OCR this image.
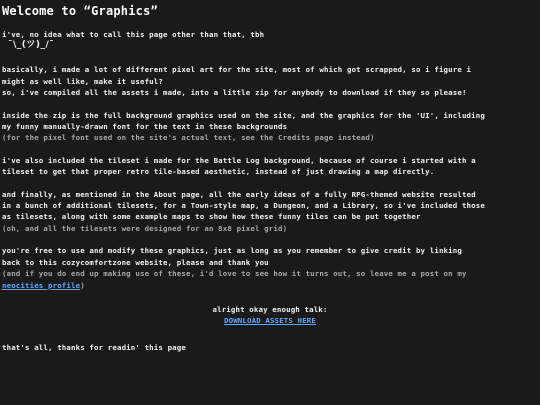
Welcome to “Graphics”

i've, no idea what to call this page other than that, tbh
¯\_(ツ)_/¯

basically, i made a lot of different pixel art for the site, most of which got scrapped, so i figure i
might as well like, make it useful?
so, i've compiled all the assets i made, into a little zip for anybody to download if they so please!

inside the zip is the full background graphics used on the site, and the graphics for the 'UI', including
my funny manually-drawn font for the text in these backgrounds
(for the pixel font used on the site's actual text, see the Credits page instead)

i've also included the tileset i made for the Battle Log background, because of course i started with a
tileset to get that proper retro tile-based aesthetic, instead of just drawing a map directly.

and finally, as mentioned in the About page, all the early ideas of a fully RPG-themed website resulted
in a bunch of additional tilesets, for a Town-style map, a Dungeon, and a Library, so i've included those
as tilesets, along with some example maps to show how these funny tiles can be put together
(oh, and all the tilesets were designed for an 8x8 pixel grid)

you're free to use and modify these graphics, just as long as you remember to give credit by linking
back to this cozycomfortzone website, please and thank you
(and if you do end up making use of these, i'd love to see how it turns out, so leave me a post on my
neocities profile)

alright okay enough talk:
DOWNLOAD ASSETS HERE

that's all, thanks for readin' this page
